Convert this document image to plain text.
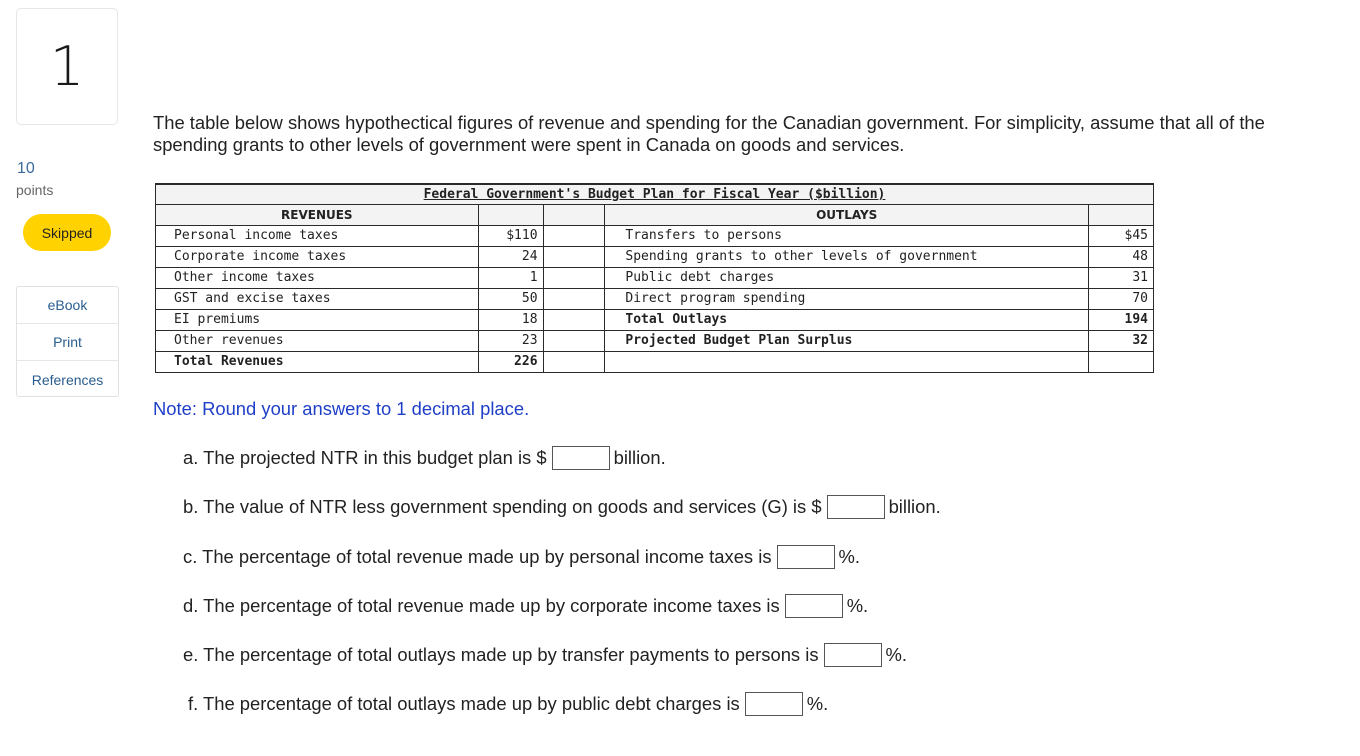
1
10
points
Skipped
eBook
Print
References
The table below shows hypothectical figures of revenue and spending for the Canadian government. For simplicity, assume that all of the spending grants to other levels of government were spent in Canada on goods and services.
Federal Government's Budget Plan for Fiscal Year ($billion)				
REVENUES			OUTLAYS	
Personal income taxes	$110		Transfers to persons	$45
Corporate income taxes	24		Spending grants to other levels of government	48
Other income taxes	1		Public debt charges	31
GST and excise taxes	50		Direct program spending	70
EI premiums	18		Total Outlays	194
Other revenues	23		Projected Budget Plan Surplus	32
Total Revenues	226			
Note: Round your answers to 1 decimal place.
a. The projected NTR in this budget plan is $	billion.
b. The value of NTR less government spending on goods and services (G) is $	billion.
c. The percentage of total revenue made up by personal income taxes is	%.
d. The percentage of total revenue made up by corporate income taxes is	%.
e. The percentage of total outlays made up by transfer payments to persons is	%.
f. The percentage of total outlays made up by public debt charges is	%.
